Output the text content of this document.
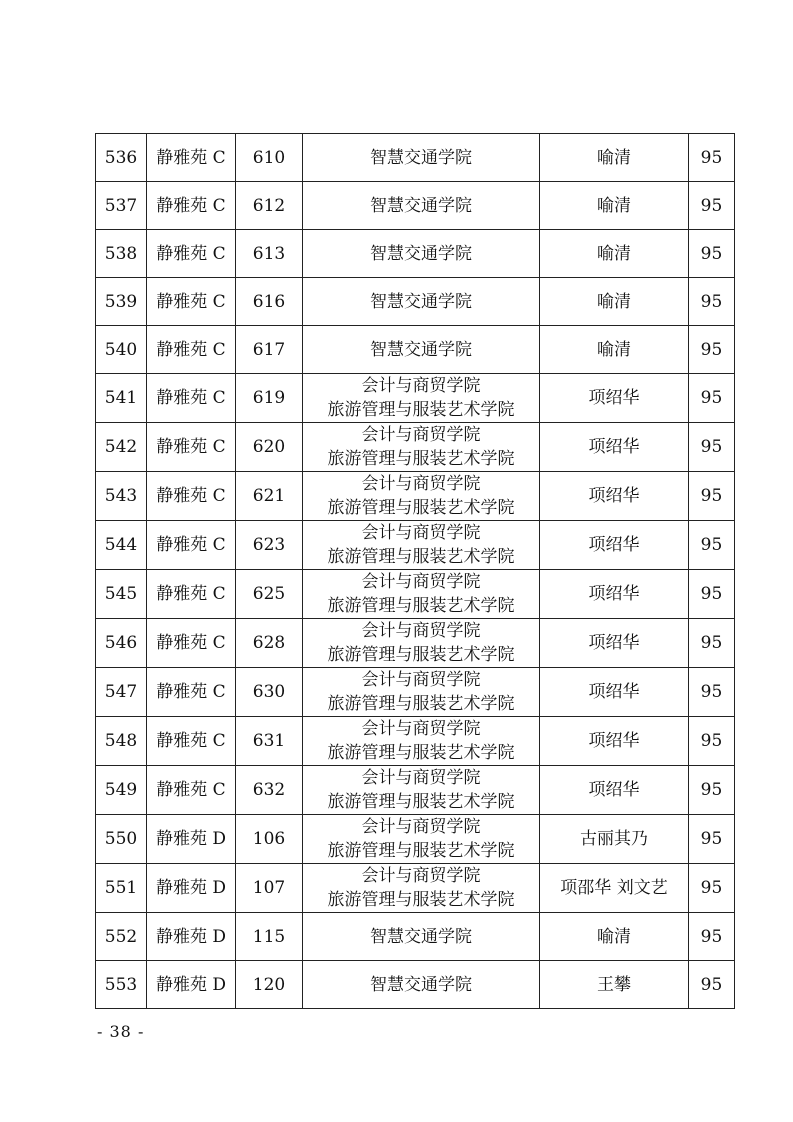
536	静雅苑 C	610	智慧交通学院	喻清	95
537	静雅苑 C	612	智慧交通学院	喻清	95
538	静雅苑 C	613	智慧交通学院	喻清	95
539	静雅苑 C	616	智慧交通学院	喻清	95
540	静雅苑 C	617	智慧交通学院	喻清	95
541	静雅苑 C	619	会计与商贸学院
旅游管理与服装艺术学院	项绍华	95
542	静雅苑 C	620	会计与商贸学院
旅游管理与服装艺术学院	项绍华	95
543	静雅苑 C	621	会计与商贸学院
旅游管理与服装艺术学院	项绍华	95
544	静雅苑 C	623	会计与商贸学院
旅游管理与服装艺术学院	项绍华	95
545	静雅苑 C	625	会计与商贸学院
旅游管理与服装艺术学院	项绍华	95
546	静雅苑 C	628	会计与商贸学院
旅游管理与服装艺术学院	项绍华	95
547	静雅苑 C	630	会计与商贸学院
旅游管理与服装艺术学院	项绍华	95
548	静雅苑 C	631	会计与商贸学院
旅游管理与服装艺术学院	项绍华	95
549	静雅苑 C	632	会计与商贸学院
旅游管理与服装艺术学院	项绍华	95
550	静雅苑 D	106	会计与商贸学院
旅游管理与服装艺术学院	古丽其乃	95
551	静雅苑 D	107	会计与商贸学院
旅游管理与服装艺术学院	项邵华 刘文艺	95
552	静雅苑 D	115	智慧交通学院	喻清	95
553	静雅苑 D	120	智慧交通学院	王攀	95
- 38 -
